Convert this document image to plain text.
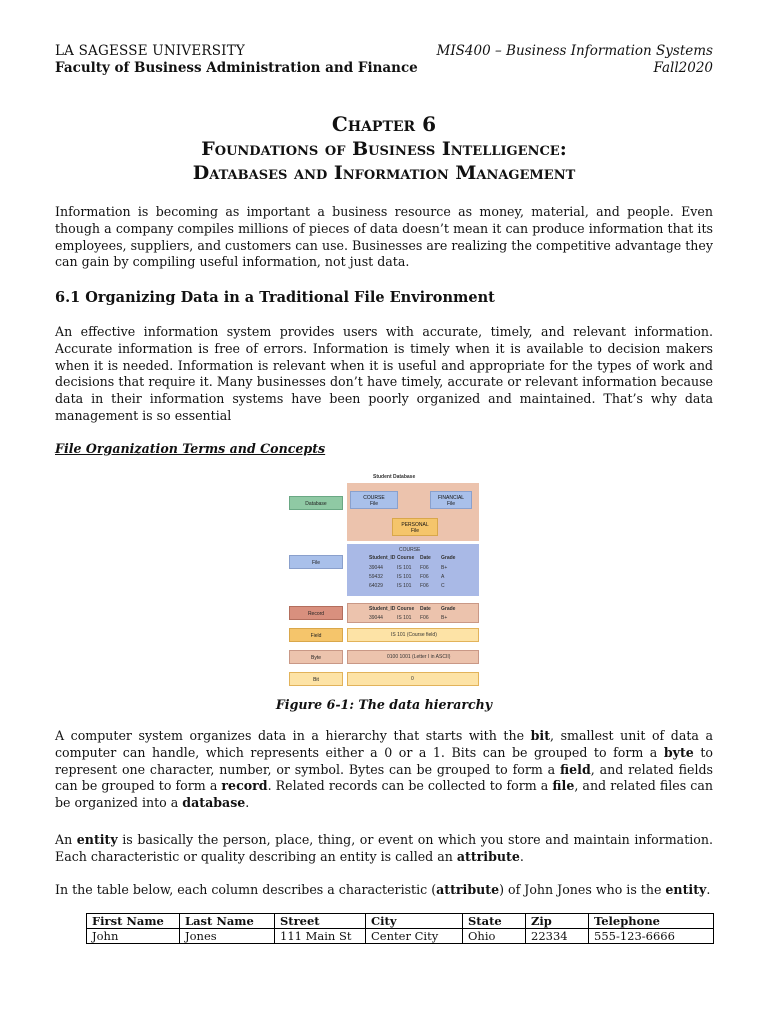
LA SAGESSE UNIVERSITY
Faculty of Business Administration and Finance
MIS400 – Business Information Systems
Fall2020
Chapter 6
Foundations of Business Intelligence:
Databases and Information Management

Information is becoming as important a business resource as money, material, and people. Even though a company compiles millions of pieces of data doesn’t mean it can produce information that its employees, suppliers, and customers can use. Businesses are realizing the competitive advantage they can gain by compiling useful information, not just data.

6.1 Organizing Data in a Traditional File Environment

An effective information system provides users with accurate, timely, and relevant information. Accurate information is free of errors. Information is timely when it is available to decision makers when it is needed. Information is relevant when it is useful and appropriate for the types of work and decisions that require it. Many businesses don’t have timely, accurate or relevant information because data in their information systems have been poorly organized and maintained. That’s why data management is so essential

File Organization Terms and Concepts
Student Database
Database
COURSE
File
FINANCIAL
File
PERSONAL
File
File
COURSE
Record
Field	IS 101 (Course field)
Byte	0100 1001 (Letter I in ASCII)
Bit	0
Student_ID Course Date Grade
39044	IS 101 F06 B+
59432	IS 101 F06 A
64029	IS 101 F06 C
Student_ID Course Date Grade
39044	IS 101 F06 B+
Figure 6-1: The data hierarchy

A computer system organizes data in a hierarchy that starts with the bit, smallest unit of data a computer can handle, which represents either a 0 or a 1. Bits can be grouped to form a byte to represent one character, number, or symbol. Bytes can be grouped to form a field, and related fields can be grouped to form a record. Related records can be collected to form a file, and related files can be organized into a database.

An entity is basically the person, place, thing, or event on which you store and maintain information. Each characteristic or quality describing an entity is called an attribute.

In the table below, each column describes a characteristic (attribute) of John Jones who is the entity.

First Name	Last Name	Street	City	State	Zip	Telephone
John	Jones	111 Main St	Center City	Ohio	22334	555-123-6666
